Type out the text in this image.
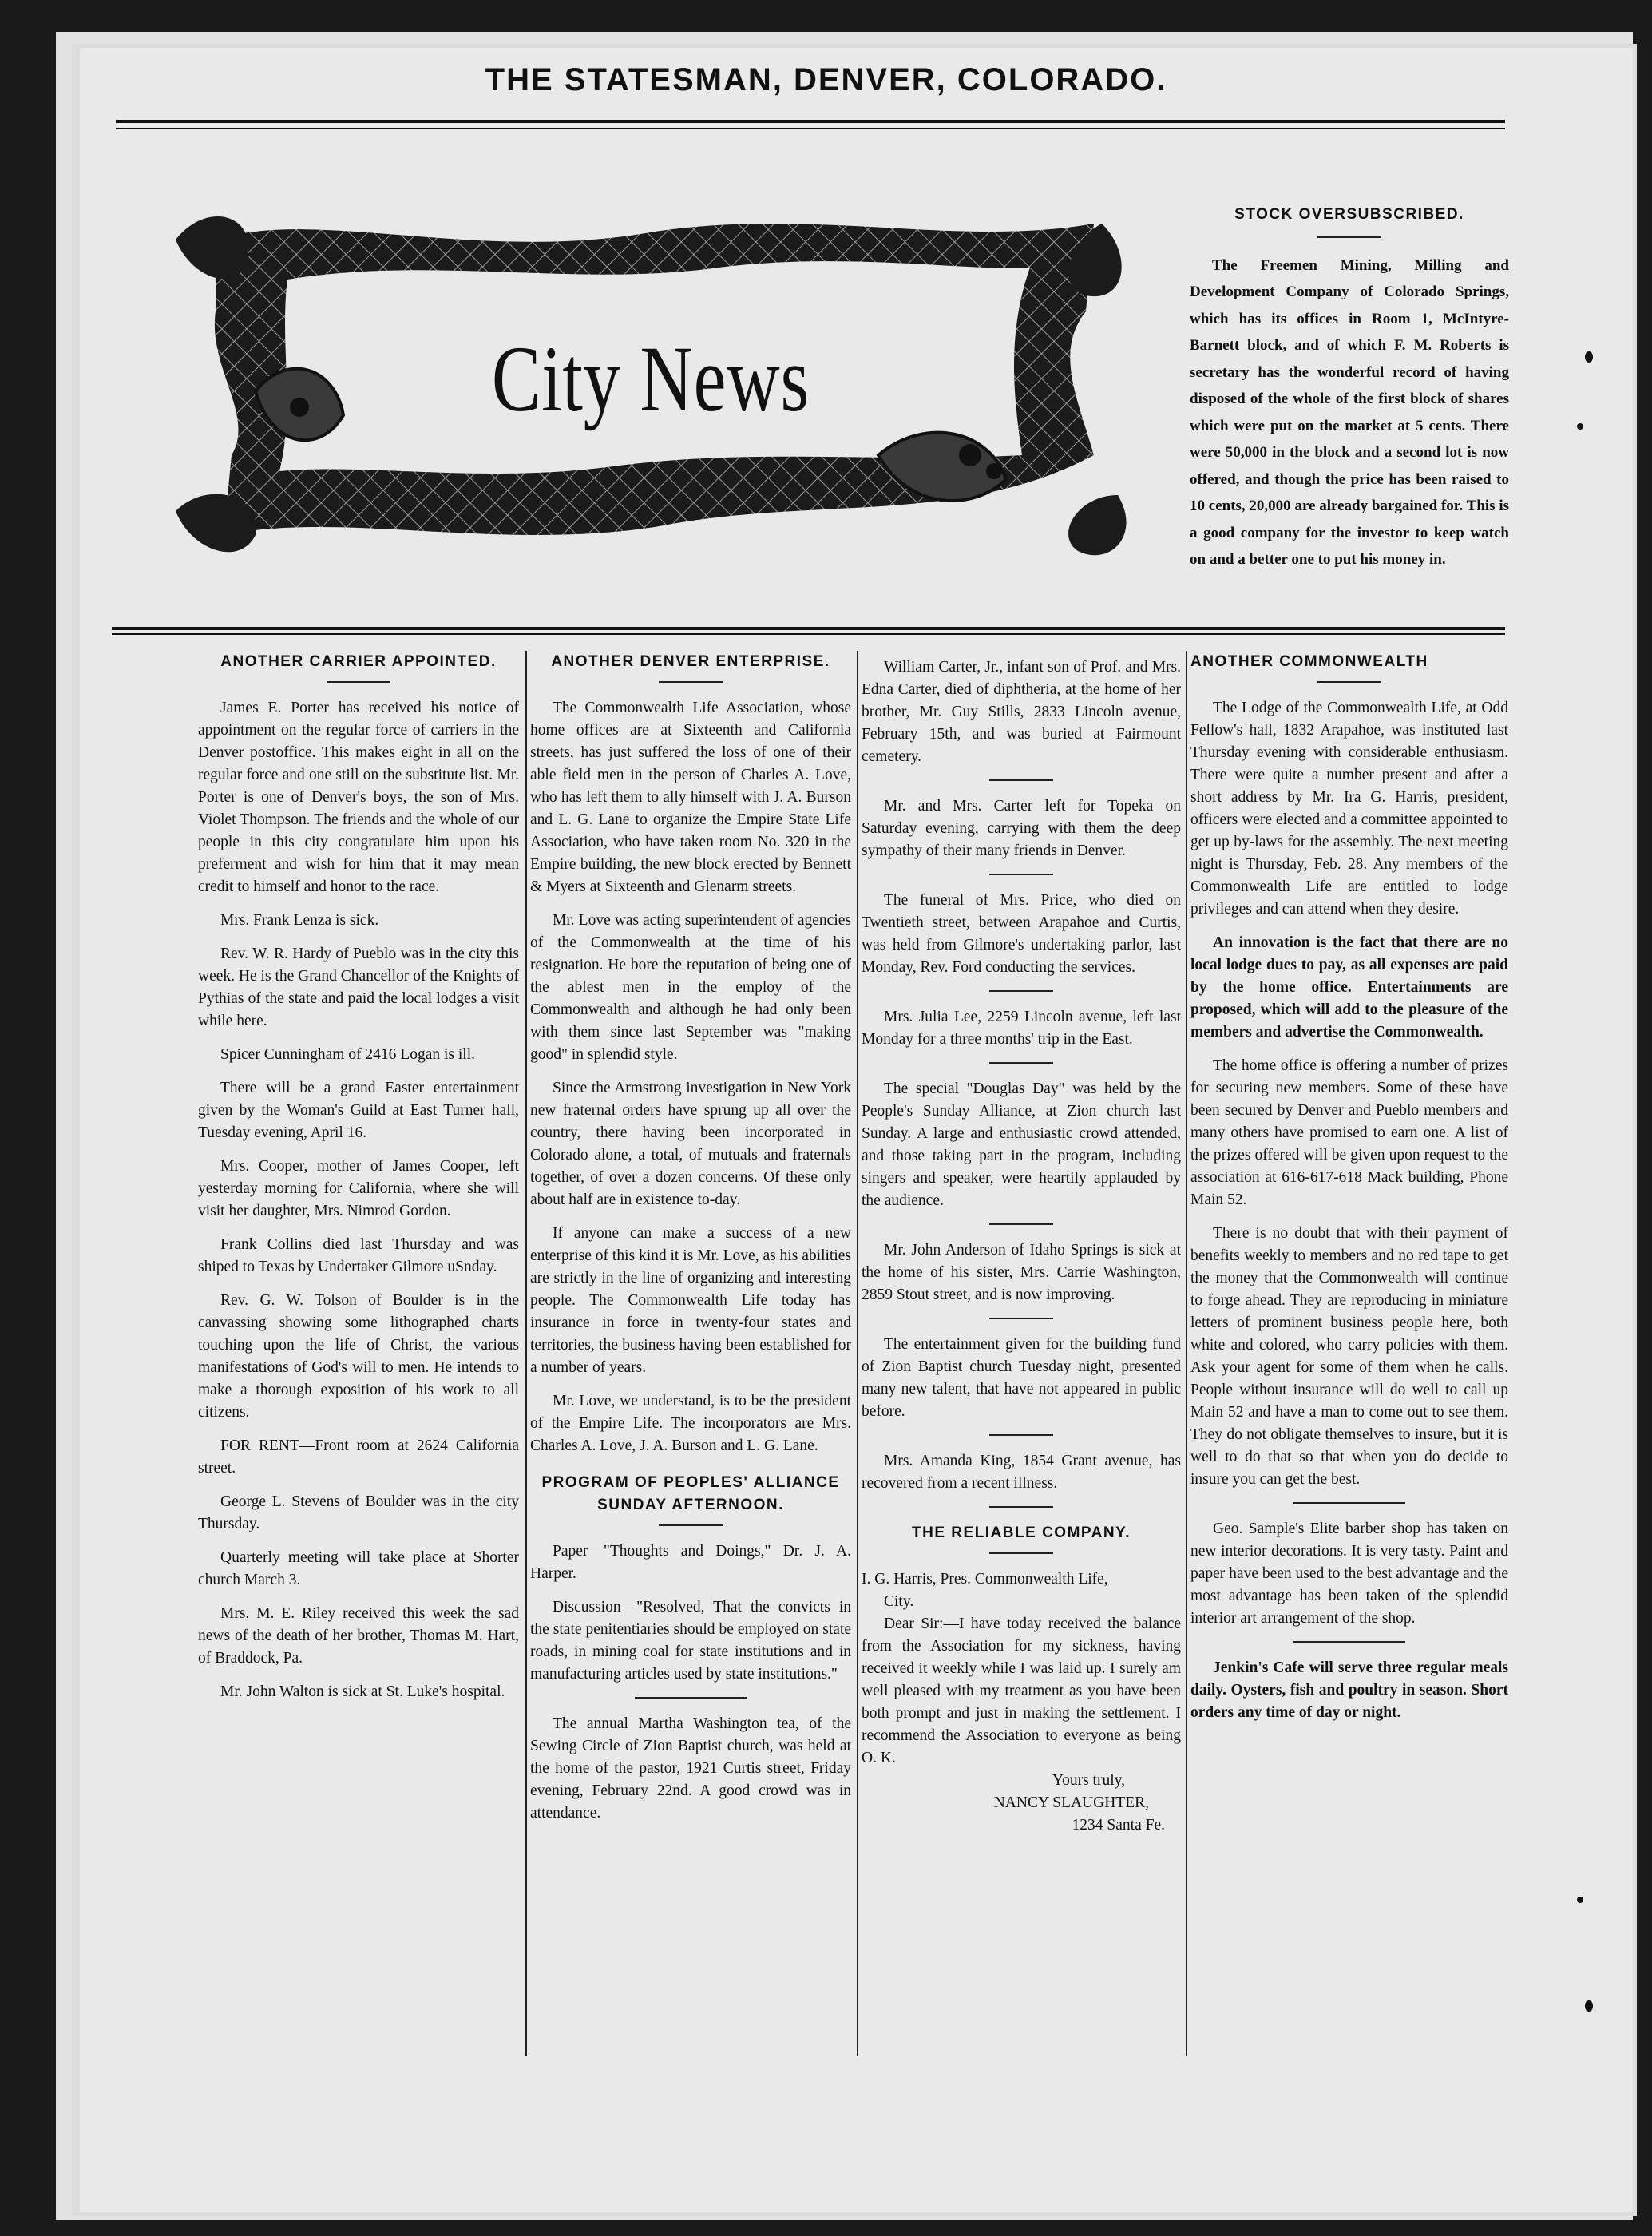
THE STATESMAN, DENVER, COLORADO.
City News
STOCK OVERSUBSCRIBED.

The Freemen Mining, Milling and Development Company of Colorado Springs, which has its offices in Room 1, McIntyre-Barnett block, and of which F. M. Roberts is secretary has the wonderful record of having disposed of the whole of the first block of shares which were put on the market at 5 cents. There were 50,000 in the block and a second lot is now offered, and though the price has been raised to 10 cents, 20,000 are already bargained for. This is a good company for the investor to keep watch on and a better one to put his money in.

ANOTHER CARRIER APPOINTED.

James E. Porter has received his notice of appointment on the regular force of carriers in the Denver postoffice. This makes eight in all on the regular force and one still on the substitute list. Mr. Porter is one of Denver's boys, the son of Mrs. Violet Thompson. The friends and the whole of our people in this city congratulate him upon his preferment and wish for him that it may mean credit to himself and honor to the race.

Mrs. Frank Lenza is sick.

Rev. W. R. Hardy of Pueblo was in the city this week. He is the Grand Chancellor of the Knights of Pythias of the state and paid the local lodges a visit while here.

Spicer Cunningham of 2416 Logan is ill.

There will be a grand Easter entertainment given by the Woman's Guild at East Turner hall, Tuesday evening, April 16.

Mrs. Cooper, mother of James Cooper, left yesterday morning for California, where she will visit her daughter, Mrs. Nimrod Gordon.

Frank Collins died last Thursday and was shiped to Texas by Undertaker Gilmore uSnday.

Rev. G. W. Tolson of Boulder is in the canvassing showing some lithographed charts touching upon the life of Christ, the various manifestations of God's will to men. He intends to make a thorough exposition of his work to all citizens.

FOR RENT—Front room at 2624 California street.

George L. Stevens of Boulder was in the city Thursday.

Quarterly meeting will take place at Shorter church March 3.

Mrs. M. E. Riley received this week the sad news of the death of her brother, Thomas M. Hart, of Braddock, Pa.

Mr. John Walton is sick at St. Luke's hospital.

ANOTHER DENVER ENTERPRISE.

The Commonwealth Life Association, whose home offices are at Sixteenth and California streets, has just suffered the loss of one of their able field men in the person of Charles A. Love, who has left them to ally himself with J. A. Burson and L. G. Lane to organize the Empire State Life Association, who have taken room No. 320 in the Empire building, the new block erected by Bennett & Myers at Sixteenth and Glenarm streets.

Mr. Love was acting superintendent of agencies of the Commonwealth at the time of his resignation. He bore the reputation of being one of the ablest men in the employ of the Commonwealth and although he had only been with them since last September was "making good" in splendid style.

Since the Armstrong investigation in New York new fraternal orders have sprung up all over the country, there having been incorporated in Colorado alone, a total, of mutuals and fraternals together, of over a dozen concerns. Of these only about half are in existence to-day.

If anyone can make a success of a new enterprise of this kind it is Mr. Love, as his abilities are strictly in the line of organizing and interesting people. The Commonwealth Life today has insurance in force in twenty-four states and territories, the business having been established for a number of years.

Mr. Love, we understand, is to be the president of the Empire Life. The incorporators are Mrs. Charles A. Love, J. A. Burson and L. G. Lane.

PROGRAM OF PEOPLES' ALLIANCE SUNDAY AFTERNOON.

Paper—"Thoughts and Doings," Dr. J. A. Harper.

Discussion—"Resolved, That the convicts in the state penitentiaries should be employed on state roads, in mining coal for state institutions and in manufacturing articles used by state institutions."

The annual Martha Washington tea, of the Sewing Circle of Zion Baptist church, was held at the home of the pastor, 1921 Curtis street, Friday evening, February 22nd. A good crowd was in attendance.

William Carter, Jr., infant son of Prof. and Mrs. Edna Carter, died of diphtheria, at the home of her brother, Mr. Guy Stills, 2833 Lincoln avenue, February 15th, and was buried at Fairmount cemetery.

Mr. and Mrs. Carter left for Topeka on Saturday evening, carrying with them the deep sympathy of their many friends in Denver.

The funeral of Mrs. Price, who died on Twentieth street, between Arapahoe and Curtis, was held from Gilmore's undertaking parlor, last Monday, Rev. Ford conducting the services.

Mrs. Julia Lee, 2259 Lincoln avenue, left last Monday for a three months' trip in the East.

The special "Douglas Day" was held by the People's Sunday Alliance, at Zion church last Sunday. A large and enthusiastic crowd attended, and those taking part in the program, including singers and speaker, were heartily applauded by the audience.

Mr. John Anderson of Idaho Springs is sick at the home of his sister, Mrs. Carrie Washington, 2859 Stout street, and is now improving.

The entertainment given for the building fund of Zion Baptist church Tuesday night, presented many new talent, that have not appeared in public before.

Mrs. Amanda King, 1854 Grant avenue, has recovered from a recent illness.

THE RELIABLE COMPANY.

I. G. Harris, Pres. Commonwealth Life,

City.

Dear Sir:—I have today received the balance from the Association for my sickness, having received it weekly while I was laid up. I surely am well pleased with my treatment as you have been both prompt and just in making the settlement. I recommend the Association to everyone as being O. K.

Yours truly,

NANCY SLAUGHTER,

1234 Santa Fe.

ANOTHER COMMONWEALTH

The Lodge of the Commonwealth Life, at Odd Fellow's hall, 1832 Arapahoe, was instituted last Thursday evening with considerable enthusiasm. There were quite a number present and after a short address by Mr. Ira G. Harris, president, officers were elected and a committee appointed to get up by-laws for the assembly. The next meeting night is Thursday, Feb. 28. Any members of the Commonwealth Life are entitled to lodge privileges and can attend when they desire.

An innovation is the fact that there are no local lodge dues to pay, as all expenses are paid by the home office. Entertainments are proposed, which will add to the pleasure of the members and advertise the Commonwealth.

The home office is offering a number of prizes for securing new members. Some of these have been secured by Denver and Pueblo members and many others have promised to earn one. A list of the prizes offered will be given upon request to the association at 616-617-618 Mack building, Phone Main 52.

There is no doubt that with their payment of benefits weekly to members and no red tape to get the money that the Commonwealth will continue to forge ahead. They are reproducing in miniature letters of prominent business people here, both white and colored, who carry policies with them. Ask your agent for some of them when he calls. People without insurance will do well to call up Main 52 and have a man to come out to see them. They do not obligate themselves to insure, but it is well to do that so that when you do decide to insure you can get the best.

Geo. Sample's Elite barber shop has taken on new interior decorations. It is very tasty. Paint and paper have been used to the best advantage and the most advantage has been taken of the splendid interior art arrangement of the shop.

Jenkin's Cafe will serve three regular meals daily. Oysters, fish and poultry in season. Short orders any time of day or night.
